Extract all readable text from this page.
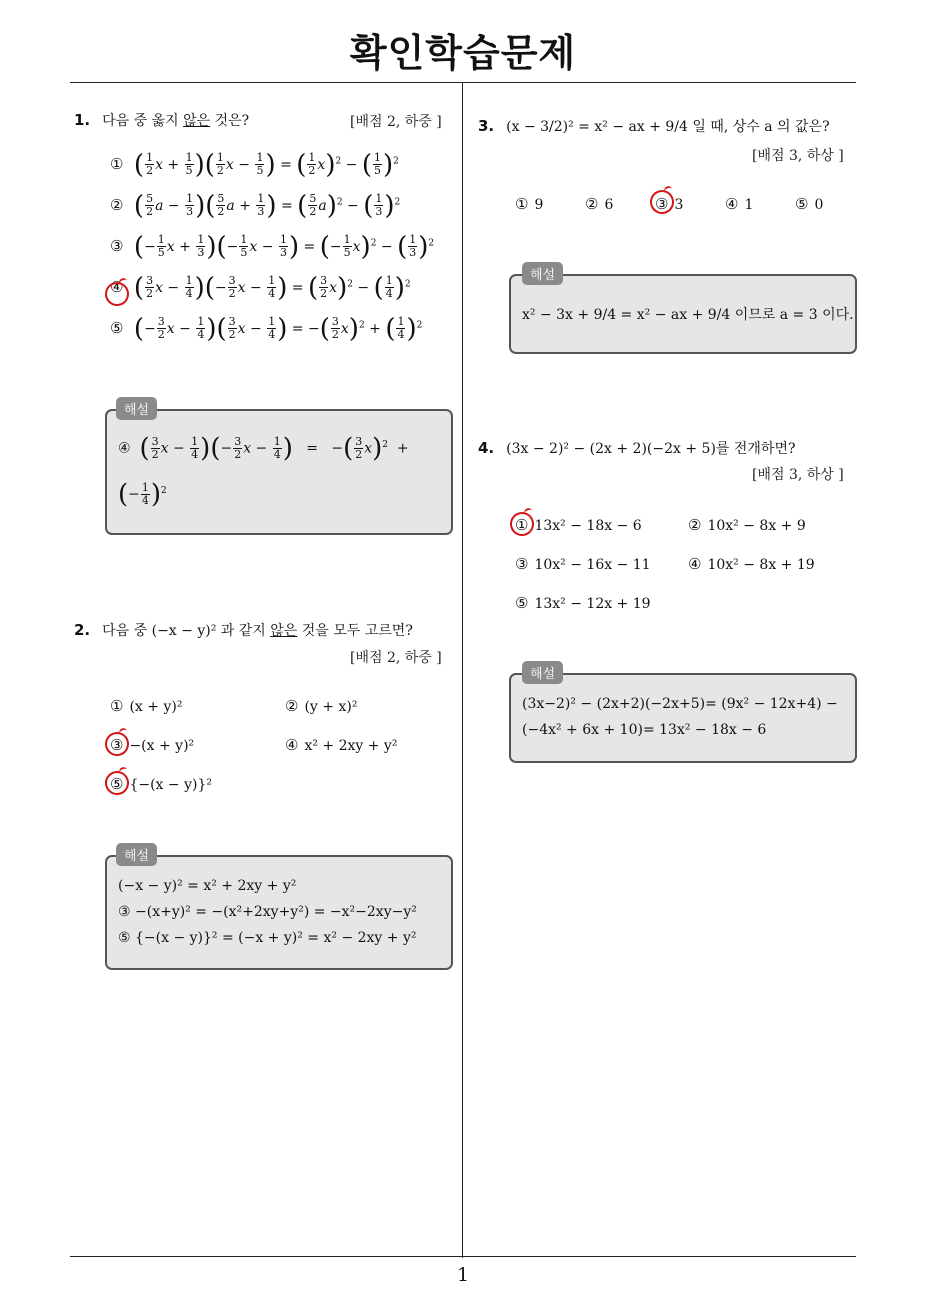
확인학습문제
1
1. 다음 중 옳지 않은 것은?	[배점 2, 하중 ]
① ( $\frac{1}{2}$ $x + \frac{1}{5}$ )( $\frac{1}{2}$ $x - \frac{1}{5}$ ) = ( $\frac{1}{2} x)^2$ − ( $\frac{1}{5} )^2$
② ( $\frac{5}{2}$ $a - \frac{1}{3}$ )( $\frac{5}{2}$ $a + \frac{1}{3}$ ) = ( $\frac{5}{2} a)^2$ − ( $\frac{1}{3} )^2$
③ (− $\frac{1}{5}$ $x + \frac{1}{3}$ )(− $\frac{1}{5}$ $x - \frac{1}{3}$ ) = (− $\frac{1}{5} x)^2$ − ( $\frac{1}{3} )^2$
④ ( $\frac{3}{2}$ $x - \frac{1}{4}$ )(− $\frac{3}{2}$ $x - \frac{1}{4}$ ) = ( $\frac{3}{2} x)^2$ − ( $\frac{1}{4} )^2$
⑤ (− $\frac{3}{2}$ $x - \frac{1}{4}$ )( $\frac{3}{2}$ $x - \frac{1}{4}$ ) = −( $\frac{3}{2} x)^2$ + ( $\frac{1}{4} )^2$
해설
④  ( $\frac{3}{2}$ $x - \frac{1}{4}$ )(− $\frac{3}{2}$ $x - \frac{1}{4}$ )   =   −( $\frac{3}{2} x)^2$  +
(− $\frac{1}{4} )^2$
2. 다음 중 (−x − y)² 과 같지 않은 것을 모두 고르면?
[배점 2, 하중 ]
① (x + y)²	② (y + x)²
③ −(x + y)²	④ x² + 2xy + y²
⑤ {−(x − y)}²
해설
(−x − y)² = x² + 2xy + y²
③ −(x+y)² = −(x²+2xy+y²) = −x²−2xy−y²
⑤ {−(x − y)}² = (−x + y)² = x² − 2xy + y²
3. (x − 3/2)² = x² − ax + 9/4 일 때, 상수 a 의 값은?
[배점 3, 하상 ]
① 9	② 6	③ 3	④ 1	⑤ 0
해설
x² − 3x + 9/4 = x² − ax + 9/4 이므로 a = 3 이다.
4. (3x − 2)² − (2x + 2)(−2x + 5)를 전개하면?
[배점 3, 하상 ]
① 13x² − 18x − 6	② 10x² − 8x + 9
③ 10x² − 16x − 11 ④ 10x² − 8x + 19
⑤ 13x² − 12x + 19
해설
(3x−2)² − (2x+2)(−2x+5)= (9x² − 12x+4) −
(−4x² + 6x + 10)= 13x² − 18x − 6
